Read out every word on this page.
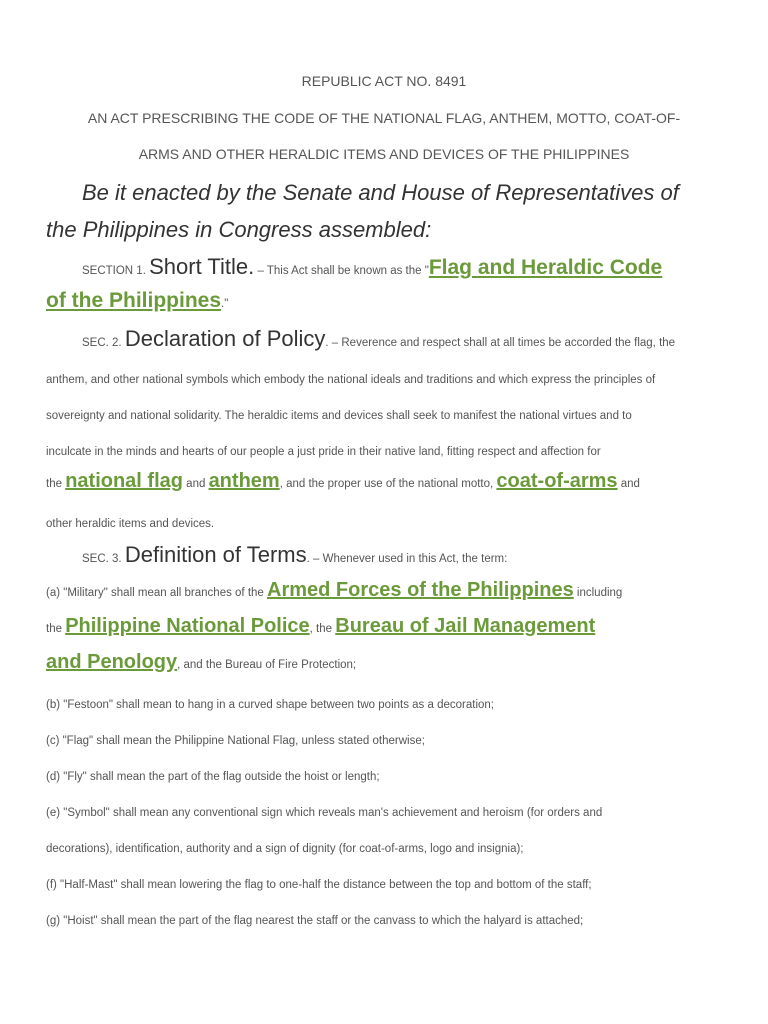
REPUBLIC ACT NO. 8491
AN ACT PRESCRIBING THE CODE OF THE NATIONAL FLAG, ANTHEM, MOTTO, COAT-OF-
ARMS AND OTHER HERALDIC ITEMS AND DEVICES OF THE PHILIPPINES
Be it enacted by the Senate and House of Representatives of
the Philippines in Congress assembled:
SECTION 1. Short Title. – This Act shall be known as the "Flag and Heraldic Code
of the Philippines."
SEC. 2. Declaration of Policy. – Reverence and respect shall at all times be accorded the flag, the
anthem, and other national symbols which embody the national ideals and traditions and which express the principles of
sovereignty and national solidarity. The heraldic items and devices shall seek to manifest the national virtues and to
inculcate in the minds and hearts of our people a just pride in their native land, fitting respect and affection for
the national flag and anthem, and the proper use of the national motto, coat-of-arms and
other heraldic items and devices.
SEC. 3. Definition of Terms. – Whenever used in this Act, the term:
(a) "Military" shall mean all branches of the Armed Forces of the Philippines including
the Philippine National Police, the Bureau of Jail Management
and Penology, and the Bureau of Fire Protection;
(b) "Festoon" shall mean to hang in a curved shape between two points as a decoration;
(c) "Flag" shall mean the Philippine National Flag, unless stated otherwise;
(d) "Fly" shall mean the part of the flag outside the hoist or length;
(e) "Symbol" shall mean any conventional sign which reveals man's achievement and heroism (for orders and
decorations), identification, authority and a sign of dignity (for coat-of-arms, logo and insignia);
(f) "Half-Mast" shall mean lowering the flag to one-half the distance between the top and bottom of the staff;
(g) "Hoist" shall mean the part of the flag nearest the staff or the canvass to which the halyard is attached;
